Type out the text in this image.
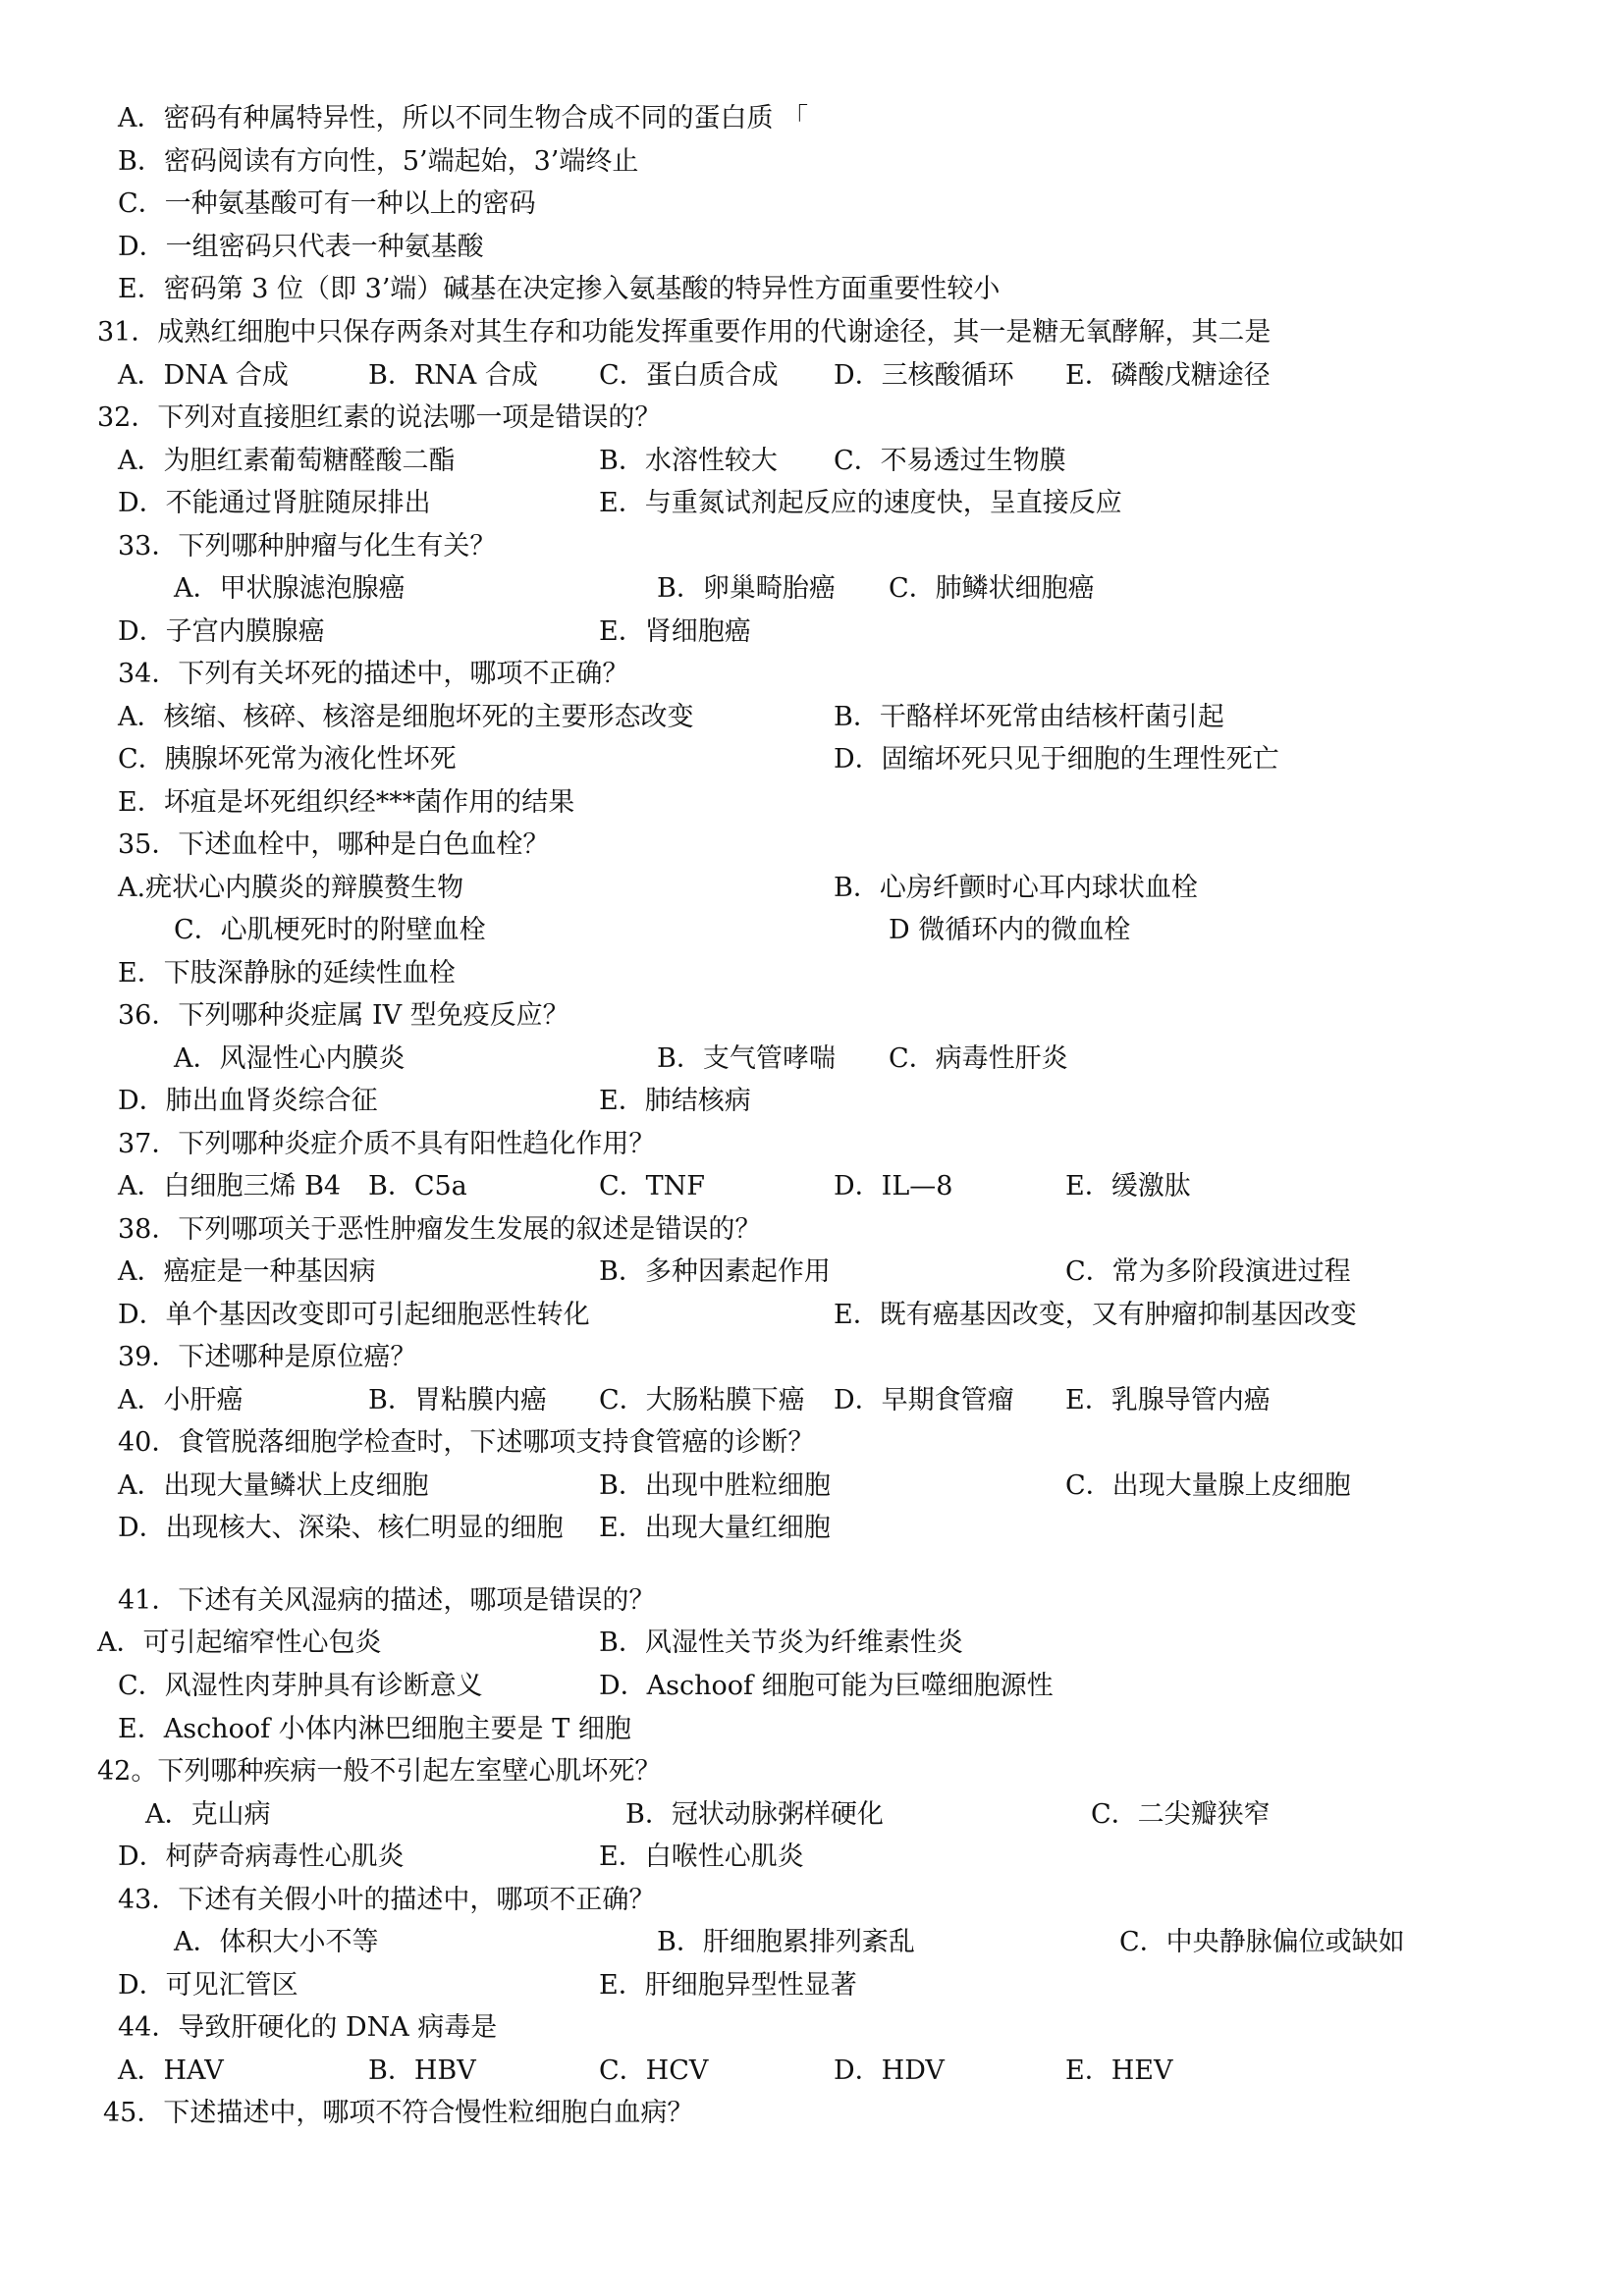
A．密码有种属特异性，所以不同生物合成不同的蛋白质 「
B．密码阅读有方向性，5’端起始，3’端终止
C．一种氨基酸可有一种以上的密码
D．一组密码只代表一种氨基酸
E．密码第 3 位（即 3’端）碱基在决定掺入氨基酸的特异性方面重要性较小
31．成熟红细胞中只保存两条对其生存和功能发挥重要作用的代谢途径，其一是糖无氧酵解，其二是
A．DNA 合成	B．RNA 合成 C．蛋白质合成 D．三核酸循环 E．磷酸戊糖途径
32．下列对直接胆红素的说法哪一项是错误的？
A．为胆红素葡萄糖醛酸二酯	B．水溶性较大 C．不易透过生物膜
D．不能通过肾脏随尿排出	E．与重氮试剂起反应的速度快，呈直接反应
33．下列哪种肿瘤与化生有关？
A．甲状腺滤泡腺癌	B．卵巢畸胎癌 C．肺鳞状细胞癌
D．子宫内膜腺癌	E．肾细胞癌
34．下列有关坏死的描述中，哪项不正确？
A．核缩、核碎、核溶是细胞坏死的主要形态改变	B．干酪样坏死常由结核杆菌引起
C．胰腺坏死常为液化性坏死	D．固缩坏死只见于细胞的生理性死亡
E．坏疽是坏死组织经***菌作用的结果
35．下述血栓中，哪种是白色血栓？
A.疣状心内膜炎的辩膜赘生物	B．心房纤颤时心耳内球状血栓
C．心肌梗死时的附壁血栓	D 微循环内的微血栓
E．下肢深静脉的延续性血栓
36．下列哪种炎症属 IV 型免疫反应？
A．风湿性心内膜炎	B．支气管哮喘 C．病毒性肝炎
D．肺出血肾炎综合征	E．肺结核病
37．下列哪种炎症介质不具有阳性趋化作用？
A．白细胞三烯 B4 B．C5a	C．TNF	D．IL—8	E．缓激肽
38．下列哪项关于恶性肿瘤发生发展的叙述是错误的？
A．癌症是一种基因病	B．多种因素起作用	C．常为多阶段演进过程
D．单个基因改变即可引起细胞恶性转化	E．既有癌基因改变，又有肿瘤抑制基因改变
39．下述哪种是原位癌？
A．小肝癌	B．胃粘膜内癌 C．大肠粘膜下癌 D．早期食管瘤 E．乳腺导管内癌
40．食管脱落细胞学检查时，下述哪项支持食管癌的诊断？
A．出现大量鳞状上皮细胞	B．出现中胜粒细胞	C．出现大量腺上皮细胞
D．出现核大、深染、核仁明显的细胞 E．出现大量红细胞
41．下述有关风湿病的描述，哪项是错误的？
A．可引起缩窄性心包炎	B．风湿性关节炎为纤维素性炎
C．风湿性肉芽肿具有诊断意义	D．Aschoof 细胞可能为巨噬细胞源性
E．Aschoof 小体内淋巴细胞主要是 T 细胞
42。下列哪种疾病一般不引起左室壁心肌坏死？
A．克山病	B．冠状动脉粥样硬化	C．二尖瓣狭窄
D．柯萨奇病毒性心肌炎	E．白喉性心肌炎
43．下述有关假小叶的描述中，哪项不正确？
A．体积大小不等	B．肝细胞累排列紊乱	C．中央静脉偏位或缺如
D．可见汇管区	E．肝细胞异型性显著
44．导致肝硬化的 DNA 病毒是
A．HAV	B．HBV	C．HCV	D．HDV	E．HEV
45．下述描述中，哪项不符合慢性粒细胞白血病？
